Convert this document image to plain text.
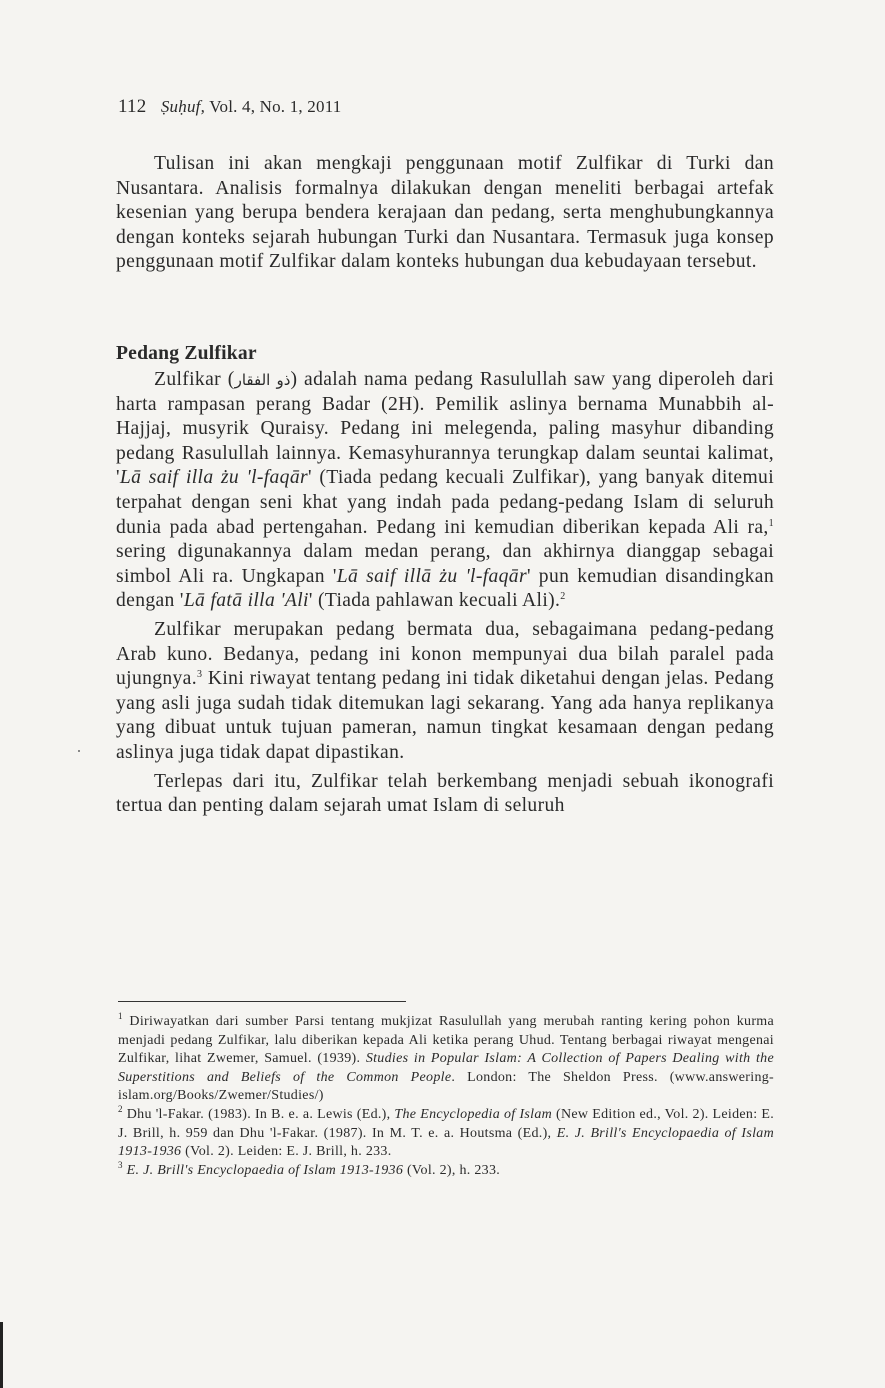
112 Ṣuḥuf, Vol. 4, No. 1, 2011

Tulisan ini akan mengkaji penggunaan motif Zulfikar di Turki dan Nusantara. Analisis formalnya dilakukan dengan meneliti berbagai artefak kesenian yang berupa bendera kerajaan dan pedang, serta menghubungkannya dengan konteks sejarah hubungan Turki dan Nusantara. Termasuk juga konsep penggunaan motif Zulfikar dalam konteks hubungan dua kebudayaan tersebut.

Pedang Zulfikar

Zulfikar (ذو الفقار) adalah nama pedang Rasulullah saw yang diperoleh dari harta rampasan perang Badar (2H). Pemilik aslinya bernama Munabbih al-Hajjaj, musyrik Quraisy. Pedang ini melegenda, paling masyhur dibanding pedang Rasulullah lainnya. Kemasyhurannya terungkap dalam seuntai kalimat, 'Lā saif illa żu 'l-faqār' (Tiada pedang kecuali Zulfikar), yang banyak ditemui terpahat dengan seni khat yang indah pada pedang-pedang Islam di seluruh dunia pada abad pertengahan. Pedang ini kemudian diberikan kepada Ali ra,$^1$ sering digunakannya dalam medan perang, dan akhirnya dianggap sebagai simbol Ali ra. Ungkapan 'Lā saif illā żu 'l-faqār' pun kemudian disandingkan dengan 'Lā fatā illa 'Ali' (Tiada pahlawan kecuali Ali).$^2$

Zulfikar merupakan pedang bermata dua, sebagaimana pedang-pedang Arab kuno. Bedanya, pedang ini konon mempunyai dua bilah paralel pada ujungnya.$^3$ Kini riwayat tentang pedang ini tidak diketahui dengan jelas. Pedang yang asli juga sudah tidak ditemukan lagi sekarang. Yang ada hanya replikanya yang dibuat untuk tujuan pameran, namun tingkat kesamaan dengan pedang aslinya juga tidak dapat dipastikan.

Terlepas dari itu, Zulfikar telah berkembang menjadi sebuah ikonografi tertua dan penting dalam sejarah umat Islam di seluruh

$^1$ Diriwayatkan dari sumber Parsi tentang mukjizat Rasulullah yang merubah ranting kering pohon kurma menjadi pedang Zulfikar, lalu diberikan kepada Ali ketika perang Uhud. Tentang berbagai riwayat mengenai Zulfikar, lihat Zwemer, Samuel. (1939). Studies in Popular Islam: A Collection of Papers Dealing with the Superstitions and Beliefs of the Common People. London: The Sheldon Press. (www.answering-islam.org/Books/Zwemer/Studies/)

$^2$ Dhu 'l-Fakar. (1983). In B. e. a. Lewis (Ed.), The Encyclopedia of Islam (New Edition ed., Vol. 2). Leiden: E. J. Brill, h. 959 dan Dhu 'l-Fakar. (1987). In M. T. e. a. Houtsma (Ed.), E. J. Brill's Encyclopaedia of Islam 1913-1936 (Vol. 2). Leiden: E. J. Brill, h. 233.

$^3$ E. J. Brill's Encyclopaedia of Islam 1913-1936 (Vol. 2), h. 233.
